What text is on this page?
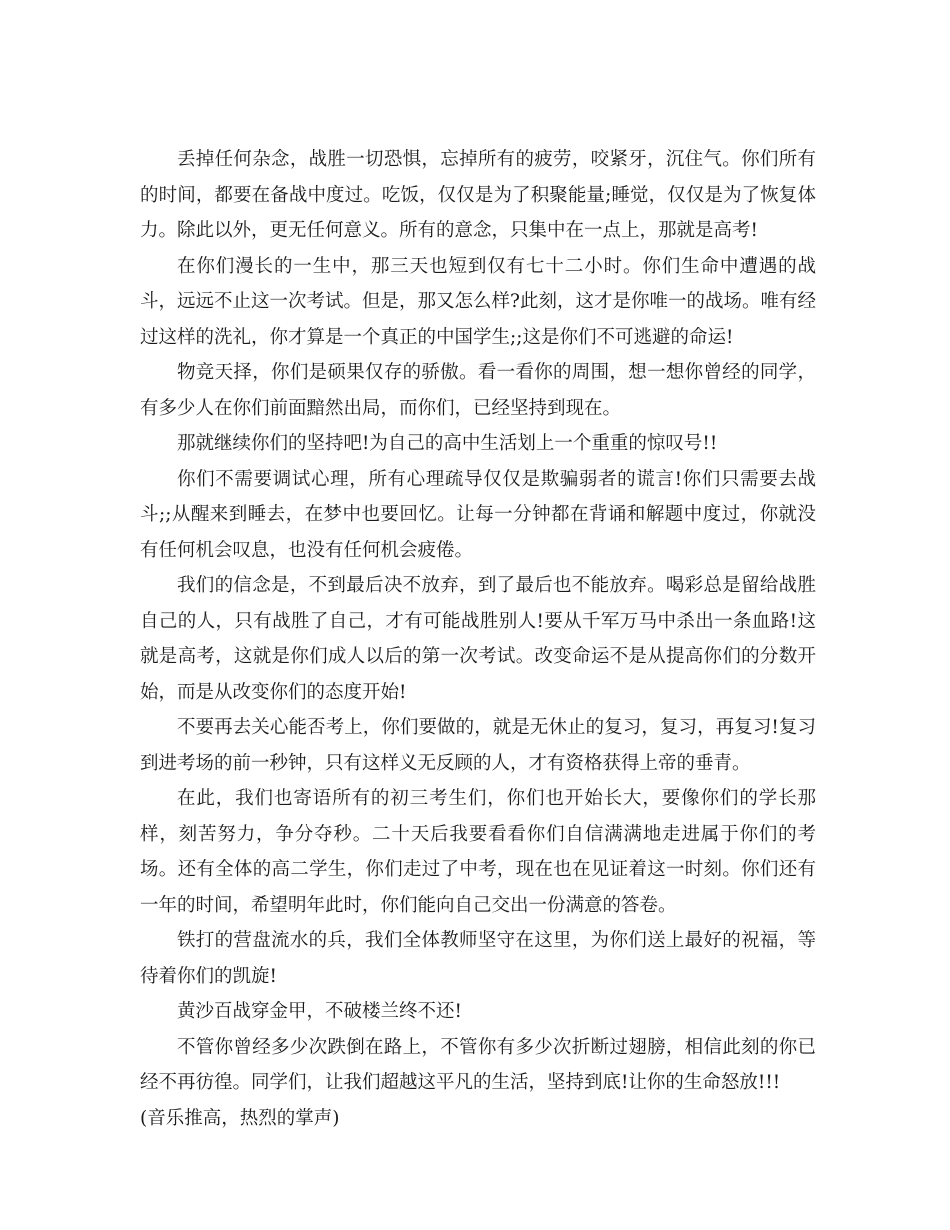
丢掉任何杂念，战胜一切恐惧，忘掉所有的疲劳，咬紧牙，沉住气。你们所有的时间，都要在备战中度过。吃饭，仅仅是为了积聚能量;睡觉，仅仅是为了恢复体力。除此以外，更无任何意义。所有的意念，只集中在一点上，那就是高考!

在你们漫长的一生中，那三天也短到仅有七十二小时。你们生命中遭遇的战斗，远远不止这一次考试。但是，那又怎么样?此刻，这才是你唯一的战场。唯有经过这样的洗礼，你才算是一个真正的中国学生;;这是你们不可逃避的命运!

物竞天择，你们是硕果仅存的骄傲。看一看你的周围，想一想你曾经的同学，有多少人在你们前面黯然出局，而你们，已经坚持到现在。

那就继续你们的坚持吧!为自己的高中生活划上一个重重的惊叹号!!

你们不需要调试心理，所有心理疏导仅仅是欺骗弱者的谎言!你们只需要去战斗;;从醒来到睡去，在梦中也要回忆。让每一分钟都在背诵和解题中度过，你就没有任何机会叹息，也没有任何机会疲倦。

我们的信念是，不到最后决不放弃，到了最后也不能放弃。喝彩总是留给战胜自己的人，只有战胜了自己，才有可能战胜别人!要从千军万马中杀出一条血路!这就是高考，这就是你们成人以后的第一次考试。改变命运不是从提高你们的分数开始，而是从改变你们的态度开始!

不要再去关心能否考上，你们要做的，就是无休止的复习，复习，再复习!复习到进考场的前一秒钟，只有这样义无反顾的人，才有资格获得上帝的垂青。

在此，我们也寄语所有的初三考生们，你们也开始长大，要像你们的学长那样，刻苦努力，争分夺秒。二十天后我要看看你们自信满满地走进属于你们的考场。还有全体的高二学生，你们走过了中考，现在也在见证着这一时刻。你们还有一年的时间，希望明年此时，你们能向自己交出一份满意的答卷。

铁打的营盘流水的兵，我们全体教师坚守在这里，为你们送上最好的祝福，等待着你们的凯旋!

黄沙百战穿金甲，不破楼兰终不还!

不管你曾经多少次跌倒在路上，不管你有多少次折断过翅膀，相信此刻的你已经不再彷徨。同学们，让我们超越这平凡的生活，坚持到底!让你的生命怒放!!!

(音乐推高，热烈的掌声)
